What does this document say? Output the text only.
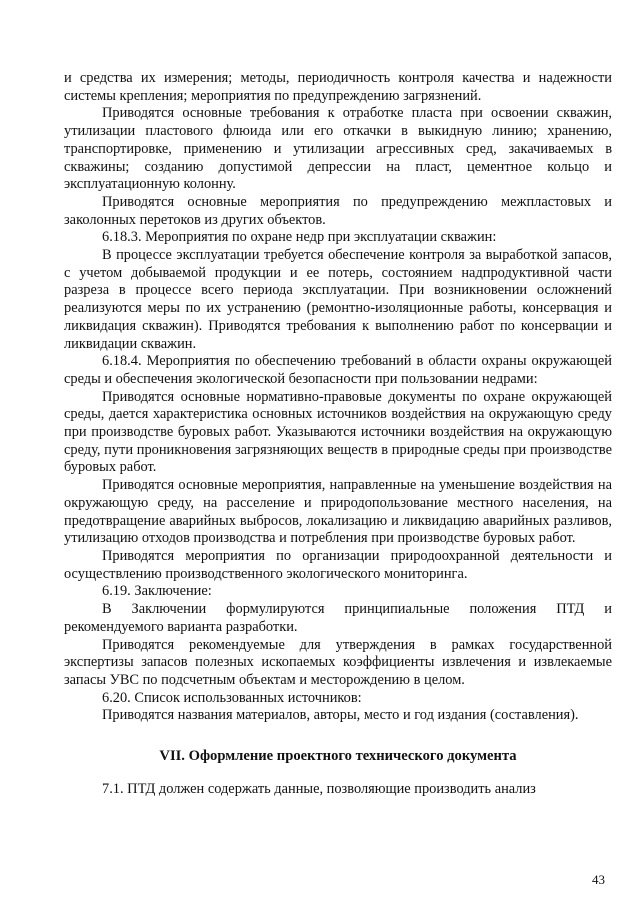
и средства их измерения; методы, периодичность контроля качества и надежности системы крепления; мероприятия по предупреждению загрязнений.

Приводятся основные требования к отработке пласта при освоении скважин, утилизации пластового флюида или его откачки в выкидную линию; хранению, транспортировке, применению и утилизации агрессивных сред, закачиваемых в скважины; созданию допустимой депрессии на пласт, цементное кольцо и эксплуатационную колонну.

Приводятся основные мероприятия по предупреждению межпластовых и заколонных перетоков из других объектов.

6.18.3. Мероприятия по охране недр при эксплуатации скважин:

В процессе эксплуатации требуется обеспечение контроля за выработкой запасов, с учетом добываемой продукции и ее потерь, состоянием надпродуктивной части разреза в процессе всего периода эксплуатации. При возникновении осложнений реализуются меры по их устранению (ремонтно-изоляционные работы, консервация и ликвидация скважин). Приводятся требования к выполнению работ по консервации и ликвидации скважин.

6.18.4. Мероприятия по обеспечению требований в области охраны окружающей среды и обеспечения экологической безопасности при пользовании недрами:

Приводятся основные нормативно-правовые документы по охране окружающей среды, дается характеристика основных источников воздействия на окружающую среду при производстве буровых работ. Указываются источники воздействия на окружающую среду, пути проникновения загрязняющих веществ в природные среды при производстве буровых работ.

Приводятся основные мероприятия, направленные на уменьшение воздействия на окружающую среду, на расселение и природопользование местного населения, на предотвращение аварийных выбросов, локализацию и ликвидацию аварийных разливов, утилизацию отходов производства и потребления при производстве буровых работ.

Приводятся мероприятия по организации природоохранной деятельности и осуществлению производственного экологического мониторинга.

6.19. Заключение:

В Заключении формулируются принципиальные положения ПТД и рекомендуемого варианта разработки.

Приводятся рекомендуемые для утверждения в рамках государственной экспертизы запасов полезных ископаемых коэффициенты извлечения и извлекаемые запасы УВС по подсчетным объектам и месторождению в целом.

6.20. Список использованных источников:

Приводятся названия материалов, авторы, место и год издания (составления).

VII. Оформление проектного технического документа

7.1. ПТД должен содержать данные, позволяющие производить анализ

43
